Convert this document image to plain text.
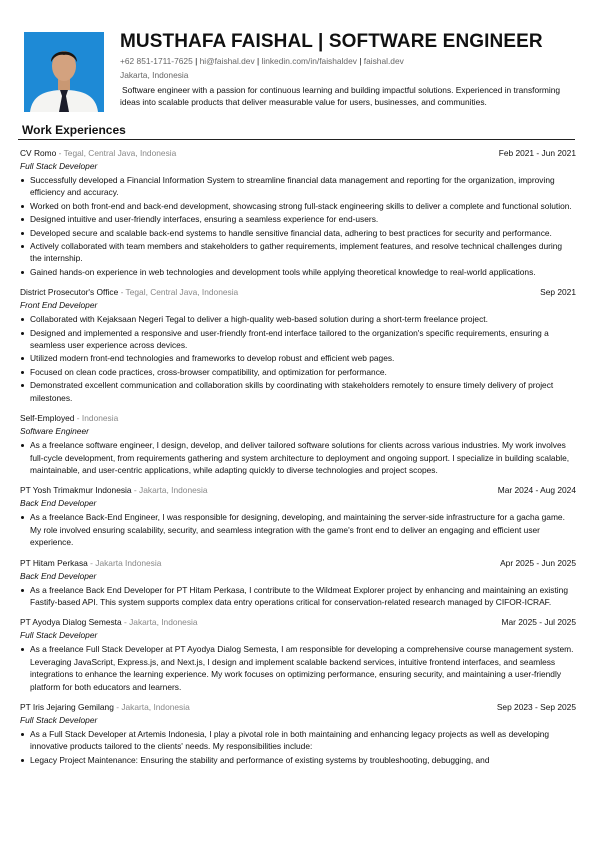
MUSTHAFA FAISHAL | SOFTWARE ENGINEER
+62 851-1711-7625 | hi@faishal.dev | linkedin.com/in/faishaldev | faishal.dev
Jakarta, Indonesia
Software engineer with a passion for continuous learning and building impactful solutions. Experienced in transforming ideas into scalable products that deliver measurable value for users, businesses, and communities.
Work Experiences
CV Romo - Tegal, Central Java, Indonesia	Feb 2021 - Jun 2021
Full Stack Developer
Successfully developed a Financial Information System to streamline financial data management and reporting for the organization, improving efficiency and accuracy.
Worked on both front-end and back-end development, showcasing strong full-stack engineering skills to deliver a complete and functional solution.
Designed intuitive and user-friendly interfaces, ensuring a seamless experience for end-users.
Developed secure and scalable back-end systems to handle sensitive financial data, adhering to best practices for security and performance.
Actively collaborated with team members and stakeholders to gather requirements, implement features, and resolve technical challenges during the internship.
Gained hands-on experience in web technologies and development tools while applying theoretical knowledge to real-world applications.
District Prosecutor's Office - Tegal, Central Java, Indonesia	Sep 2021
Front End Developer
Collaborated with Kejaksaan Negeri Tegal to deliver a high-quality web-based solution during a short-term freelance project.
Designed and implemented a responsive and user-friendly front-end interface tailored to the organization's specific requirements, ensuring a seamless user experience across devices.
Utilized modern front-end technologies and frameworks to develop robust and efficient web pages.
Focused on clean code practices, cross-browser compatibility, and optimization for performance.
Demonstrated excellent communication and collaboration skills by coordinating with stakeholders remotely to ensure timely delivery of project milestones.
Self-Employed - Indonesia
Software Engineer
As a freelance software engineer, I design, develop, and deliver tailored software solutions for clients across various industries. My work involves full-cycle development, from requirements gathering and system architecture to deployment and ongoing support. I specialize in building scalable, maintainable, and user-centric applications, while adapting quickly to diverse technologies and project scopes.
PT Yosh Trimakmur Indonesia - Jakarta, Indonesia	Mar 2024 - Aug 2024
Back End Developer
As a freelance Back-End Engineer, I was responsible for designing, developing, and maintaining the server-side infrastructure for a gacha game. My role involved ensuring scalability, security, and seamless integration with the game's front end to deliver an engaging and efficient user experience.
PT Hitam Perkasa - Jakarta Indonesia	Apr 2025 - Jun 2025
Back End Developer
As a freelance Back End Developer for PT Hitam Perkasa, I contribute to the Wildmeat Explorer project by enhancing and maintaining an existing Fastify-based API. This system supports complex data entry operations critical for conservation-related research managed by CIFOR-ICRAF.
PT Ayodya Dialog Semesta - Jakarta, Indonesia	Mar 2025 - Jul 2025
Full Stack Developer
As a freelance Full Stack Developer at PT Ayodya Dialog Semesta, I am responsible for developing a comprehensive course management system. Leveraging JavaScript, Express.js, and Next.js, I design and implement scalable backend services, intuitive frontend interfaces, and seamless integrations to enhance the learning experience. My work focuses on optimizing performance, ensuring security, and maintaining a user-friendly platform for both educators and learners.
PT Iris Jejaring Gemilang - Jakarta, Indonesia	Sep 2023 - Sep 2025
Full Stack Developer
As a Full Stack Developer at Artemis Indonesia, I play a pivotal role in both maintaining and enhancing legacy projects as well as developing innovative products tailored to the clients' needs. My responsibilities include:
Legacy Project Maintenance: Ensuring the stability and performance of existing systems by troubleshooting, debugging, and
